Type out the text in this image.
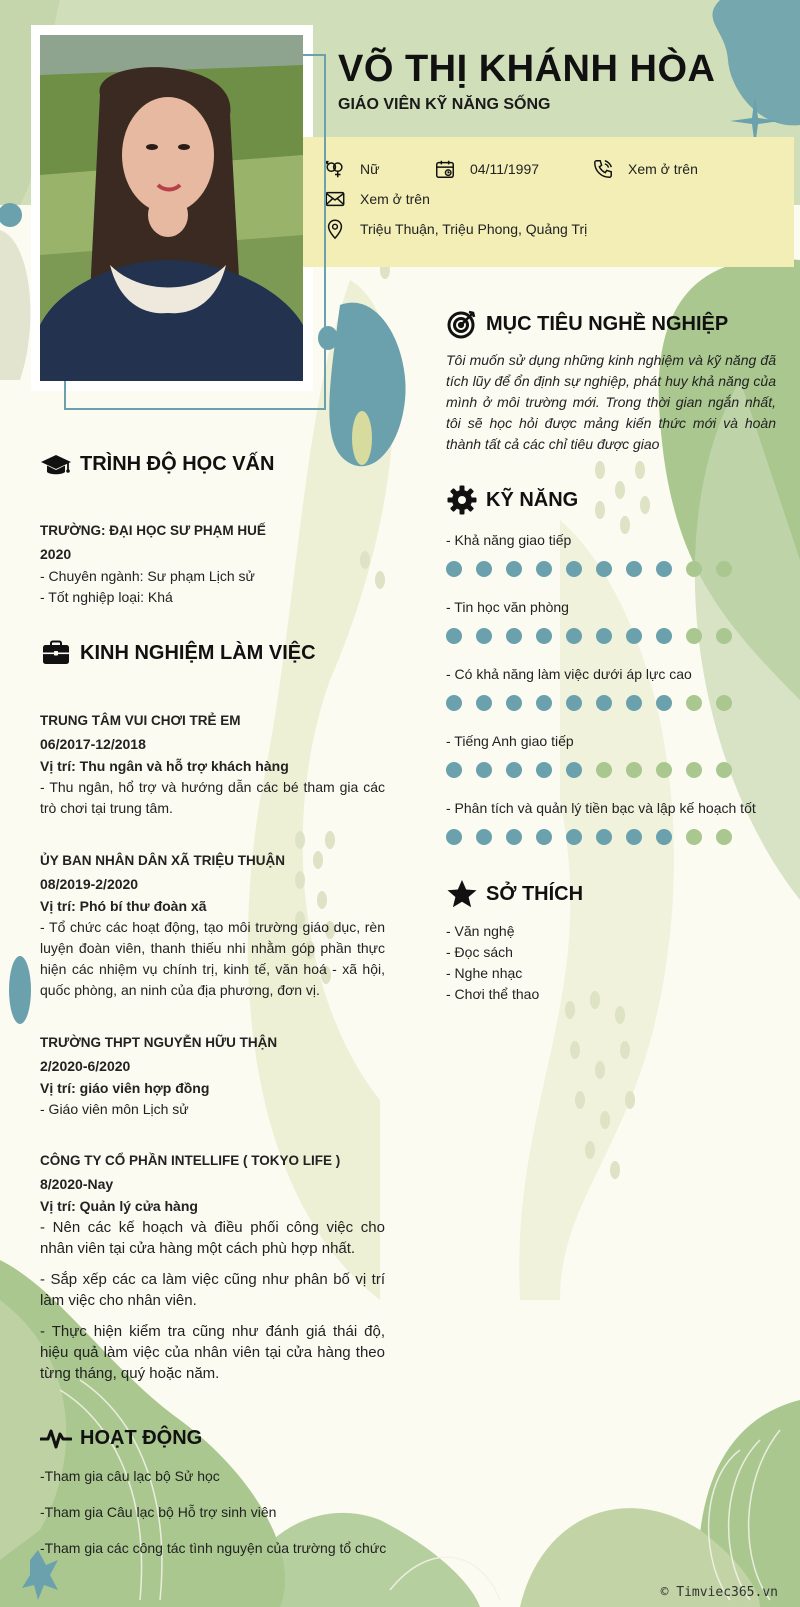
VÕ THỊ KHÁNH HÒA
GIÁO VIÊN KỸ NĂNG SỐNG
Nữ	04/11/1997	Xem ở trên
Xem ở trên
Triệu Thuận, Triệu Phong, Quảng Trị
TRÌNH ĐỘ HỌC VẤN
TRƯỜNG: ĐẠI HỌC SƯ PHẠM HUẾ
2020
- Chuyên ngành: Sư phạm Lịch sử
- Tốt nghiệp loại: Khá
KINH NGHIỆM LÀM VIỆC
TRUNG TÂM VUI CHƠI TRẺ EM
06/2017-12/2018
Vị trí: Thu ngân và hỗ trợ khách hàng
- Thu ngân, hổ trợ và hướng dẫn các bé tham gia các trò chơi tại trung tâm.
ỦY BAN NHÂN DÂN XÃ TRIỆU THUẬN
08/2019-2/2020
Vị trí: Phó bí thư đoàn xã
- Tổ chức các hoạt động, tạo môi trường giáo dục, rèn luyện đoàn viên, thanh thiếu nhi nhằm góp phần thực hiện các nhiệm vụ chính trị, kinh tế, văn hoá - xã hội, quốc phòng, an ninh của địa phương, đơn vị.
TRƯỜNG THPT NGUYỄN HỮU THẬN
2/2020-6/2020
Vị trí: giáo viên hợp đồng
- Giáo viên môn Lịch sử
CÔNG TY CỔ PHẦN INTELLIFE ( TOKYO LIFE )
8/2020-Nay
Vị trí: Quản lý cửa hàng
- Nên các kế hoạch và điều phối công việc cho nhân viên tại cửa hàng một cách phù hợp nhất.
- Sắp xếp các ca làm việc cũng như phân bố vị trí làm việc cho nhân viên.
- Thực hiện kiểm tra cũng như đánh giá thái độ, hiệu quả làm việc của nhân viên tại cửa hàng theo từng tháng, quý hoặc năm.
HOẠT ĐỘNG
-Tham gia câu lạc bộ Sử học
-Tham gia Câu lạc bộ Hỗ trợ sinh viên
-Tham gia các công tác tình nguyện của trường tổ chức
MỤC TIÊU NGHỀ NGHIỆP
Tôi muốn sử dụng những kinh nghiệm và kỹ năng đã tích lũy để ổn định sự nghiệp, phát huy khả năng của mình ở môi trường mới. Trong thời gian ngắn nhất, tôi sẽ học hỏi được mảng kiến thức mới và hoàn thành tất cả các chỉ tiêu được giao
KỸ NĂNG
- Khả năng giao tiếp
- Tin học văn phòng
- Có khả năng làm việc dưới áp lực cao
- Tiếng Anh giao tiếp
- Phân tích và quản lý tiền bạc và lập kế hoạch tốt
SỞ THÍCH
- Văn nghệ
- Đọc sách
- Nghe nhạc
- Chơi thể thao
© Timviec365.vn
